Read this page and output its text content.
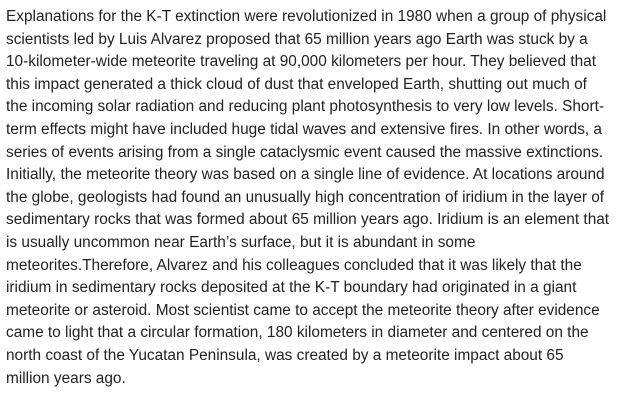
Explanations for the K-T extinction were revolutionized in 1980 when a group of physical
scientists led by Luis Alvarez proposed that 65 million years ago Earth was stuck by a
10-kilometer-wide meteorite traveling at 90,000 kilometers per hour. They believed that
this impact generated a thick cloud of dust that enveloped Earth, shutting out much of
the incoming solar radiation and reducing plant photosynthesis to very low levels. Short-
term effects might have included huge tidal waves and extensive fires. In other words, a
series of events arising from a single cataclysmic event caused the massive extinctions.
Initially, the meteorite theory was based on a single line of evidence. At locations around
the globe, geologists had found an unusually high concentration of iridium in the layer of
sedimentary rocks that was formed about 65 million years ago. Iridium is an element that
is usually uncommon near Earth’s surface, but it is abundant in some
meteorites.Therefore, Alvarez and his colleagues concluded that it was likely that the
iridium in sedimentary rocks deposited at the K-T boundary had originated in a giant
meteorite or asteroid. Most scientist came to accept the meteorite theory after evidence
came to light that a circular formation, 180 kilometers in diameter and centered on the
north coast of the Yucatan Peninsula, was created by a meteorite impact about 65
million years ago.
